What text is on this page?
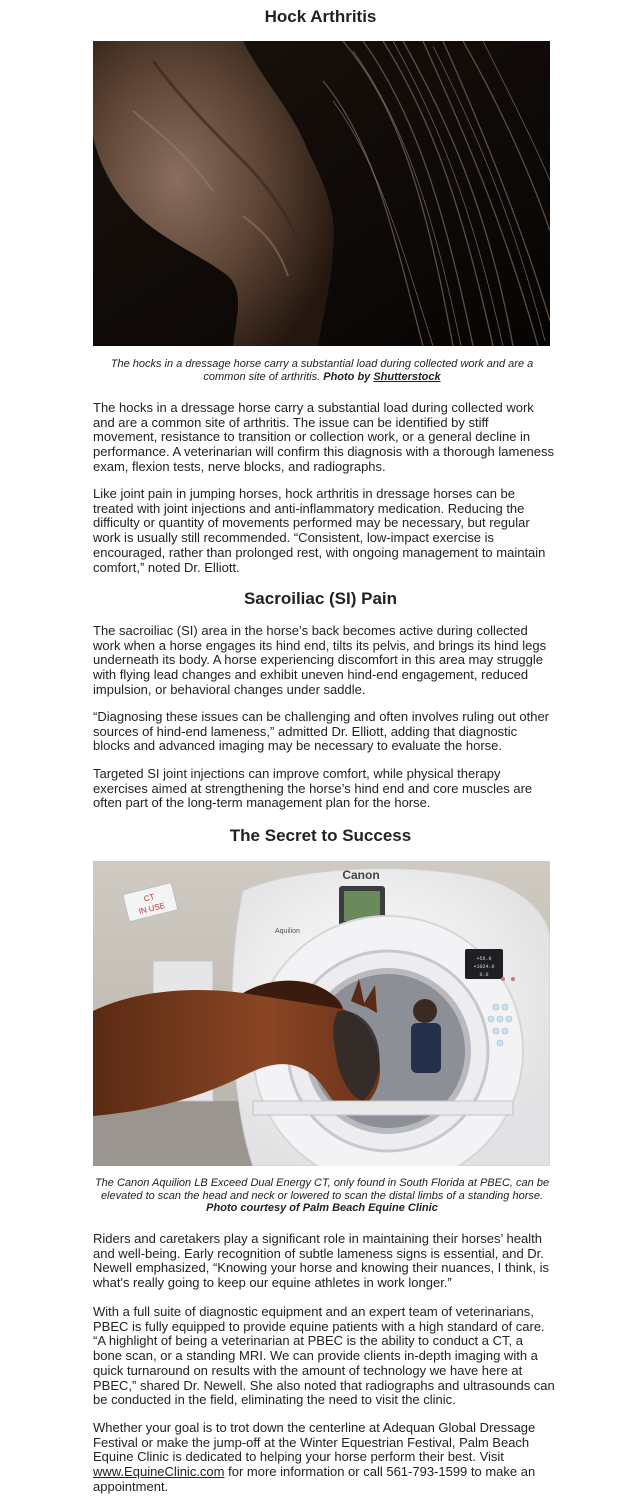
Hock Arthritis

The hocks in a dressage horse carry a substantial load during collected work and are a common site of arthritis. Photo by Shutterstock

The hocks in a dressage horse carry a substantial load during collected work and are a common site of arthritis. The issue can be identified by stiff movement, resistance to transition or collection work, or a general decline in performance. A veterinarian will confirm this diagnosis with a thorough lameness exam, flexion tests, nerve blocks, and radiographs.

Like joint pain in jumping horses, hock arthritis in dressage horses can be treated with joint injections and anti-inflammatory medication. Reducing the difficulty or quantity of movements performed may be necessary, but regular work is usually still recommended. “Consistent, low-impact exercise is encouraged, rather than prolonged rest, with ongoing management to maintain comfort,” noted Dr. Elliott.

Sacroiliac (SI) Pain

The sacroiliac (SI) area in the horse’s back becomes active during collected work when a horse engages its hind end, tilts its pelvis, and brings its hind legs underneath its body. A horse experiencing discomfort in this area may struggle with flying lead changes and exhibit uneven hind-end engagement, reduced impulsion, or behavioral changes under saddle.

“Diagnosing these issues can be challenging and often involves ruling out other sources of hind-end lameness,” admitted Dr. Elliott, adding that diagnostic blocks and advanced imaging may be necessary to evaluate the horse.

Targeted SI joint injections can improve comfort, while physical therapy exercises aimed at strengthening the horse’s hind end and core muscles are often part of the long-term management plan for the horse.

The Secret to Success
CT
IN USE
Canon
Aquilion
+56.0
+1024.0
0.0

The Canon Aquilion LB Exceed Dual Energy CT, only found in South Florida at PBEC, can be elevated to scan the head and neck or lowered to scan the distal limbs of a standing horse. Photo courtesy of Palm Beach Equine Clinic

Riders and caretakers play a significant role in maintaining their horses’ health and well-being. Early recognition of subtle lameness signs is essential, and Dr. Newell emphasized, “Knowing your horse and knowing their nuances, I think, is what's really going to keep our equine athletes in work longer.”

With a full suite of diagnostic equipment and an expert team of veterinarians, PBEC is fully equipped to provide equine patients with a high standard of care. “A highlight of being a veterinarian at PBEC is the ability to conduct a CT, a bone scan, or a standing MRI. We can provide clients in-depth imaging with a quick turnaround on results with the amount of technology we have here at PBEC,” shared Dr. Newell. She also noted that radiographs and ultrasounds can be conducted in the field, eliminating the need to visit the clinic.

Whether your goal is to trot down the centerline at Adequan Global Dressage Festival or make the jump-off at the Winter Equestrian Festival, Palm Beach Equine Clinic is dedicated to helping your horse perform their best. Visit www.EquineClinic.com for more information or call 561-793-1599 to make an appointment.
